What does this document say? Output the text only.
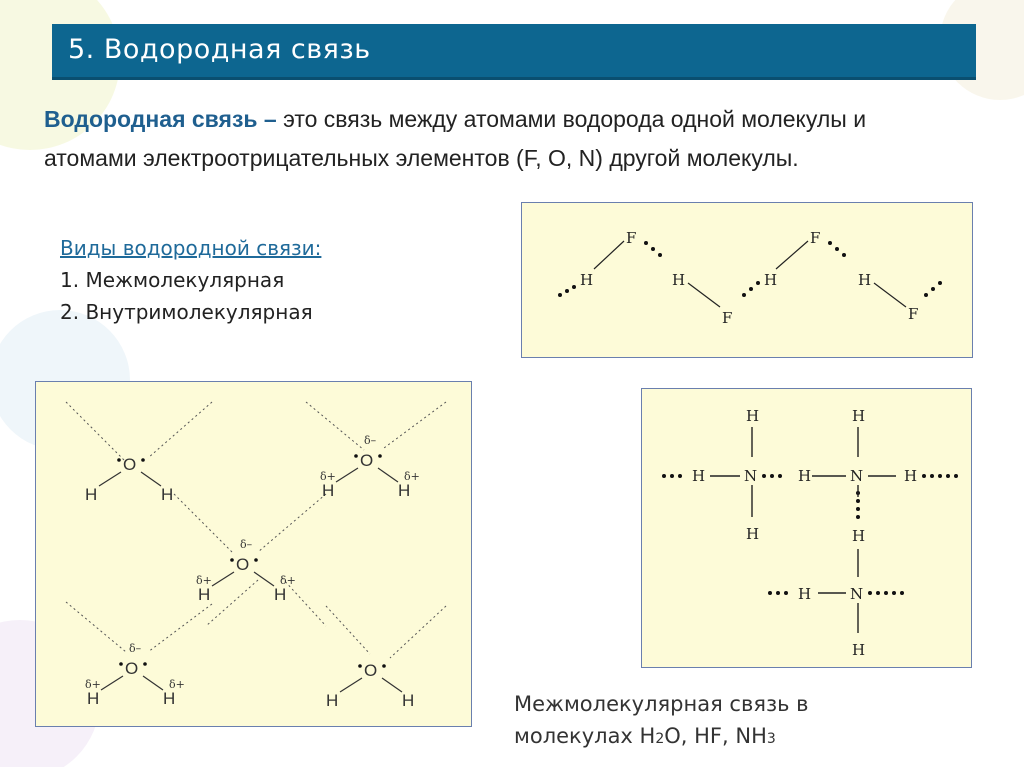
5. Водородная связь
Водородная связь – это связь между атомами водорода одной молекулы и атомами электроотрицательных элементов (F, O, N) другой молекулы.
Виды водородной связи:
1. Межмолекулярная
2. Внутримолекулярная
H
F
H
F
H
F
H
F
O
H	H
O
H	H
δ–
δ+	δ+
O
H	H
δ–
δ+	δ+
O
H	H
δ–
δ+	δ+
O
H	H
H
N
H
H
H
H
N	H
H
N
H
H
Межмолекулярная связь в
молекулах H2O, HF, NH3
